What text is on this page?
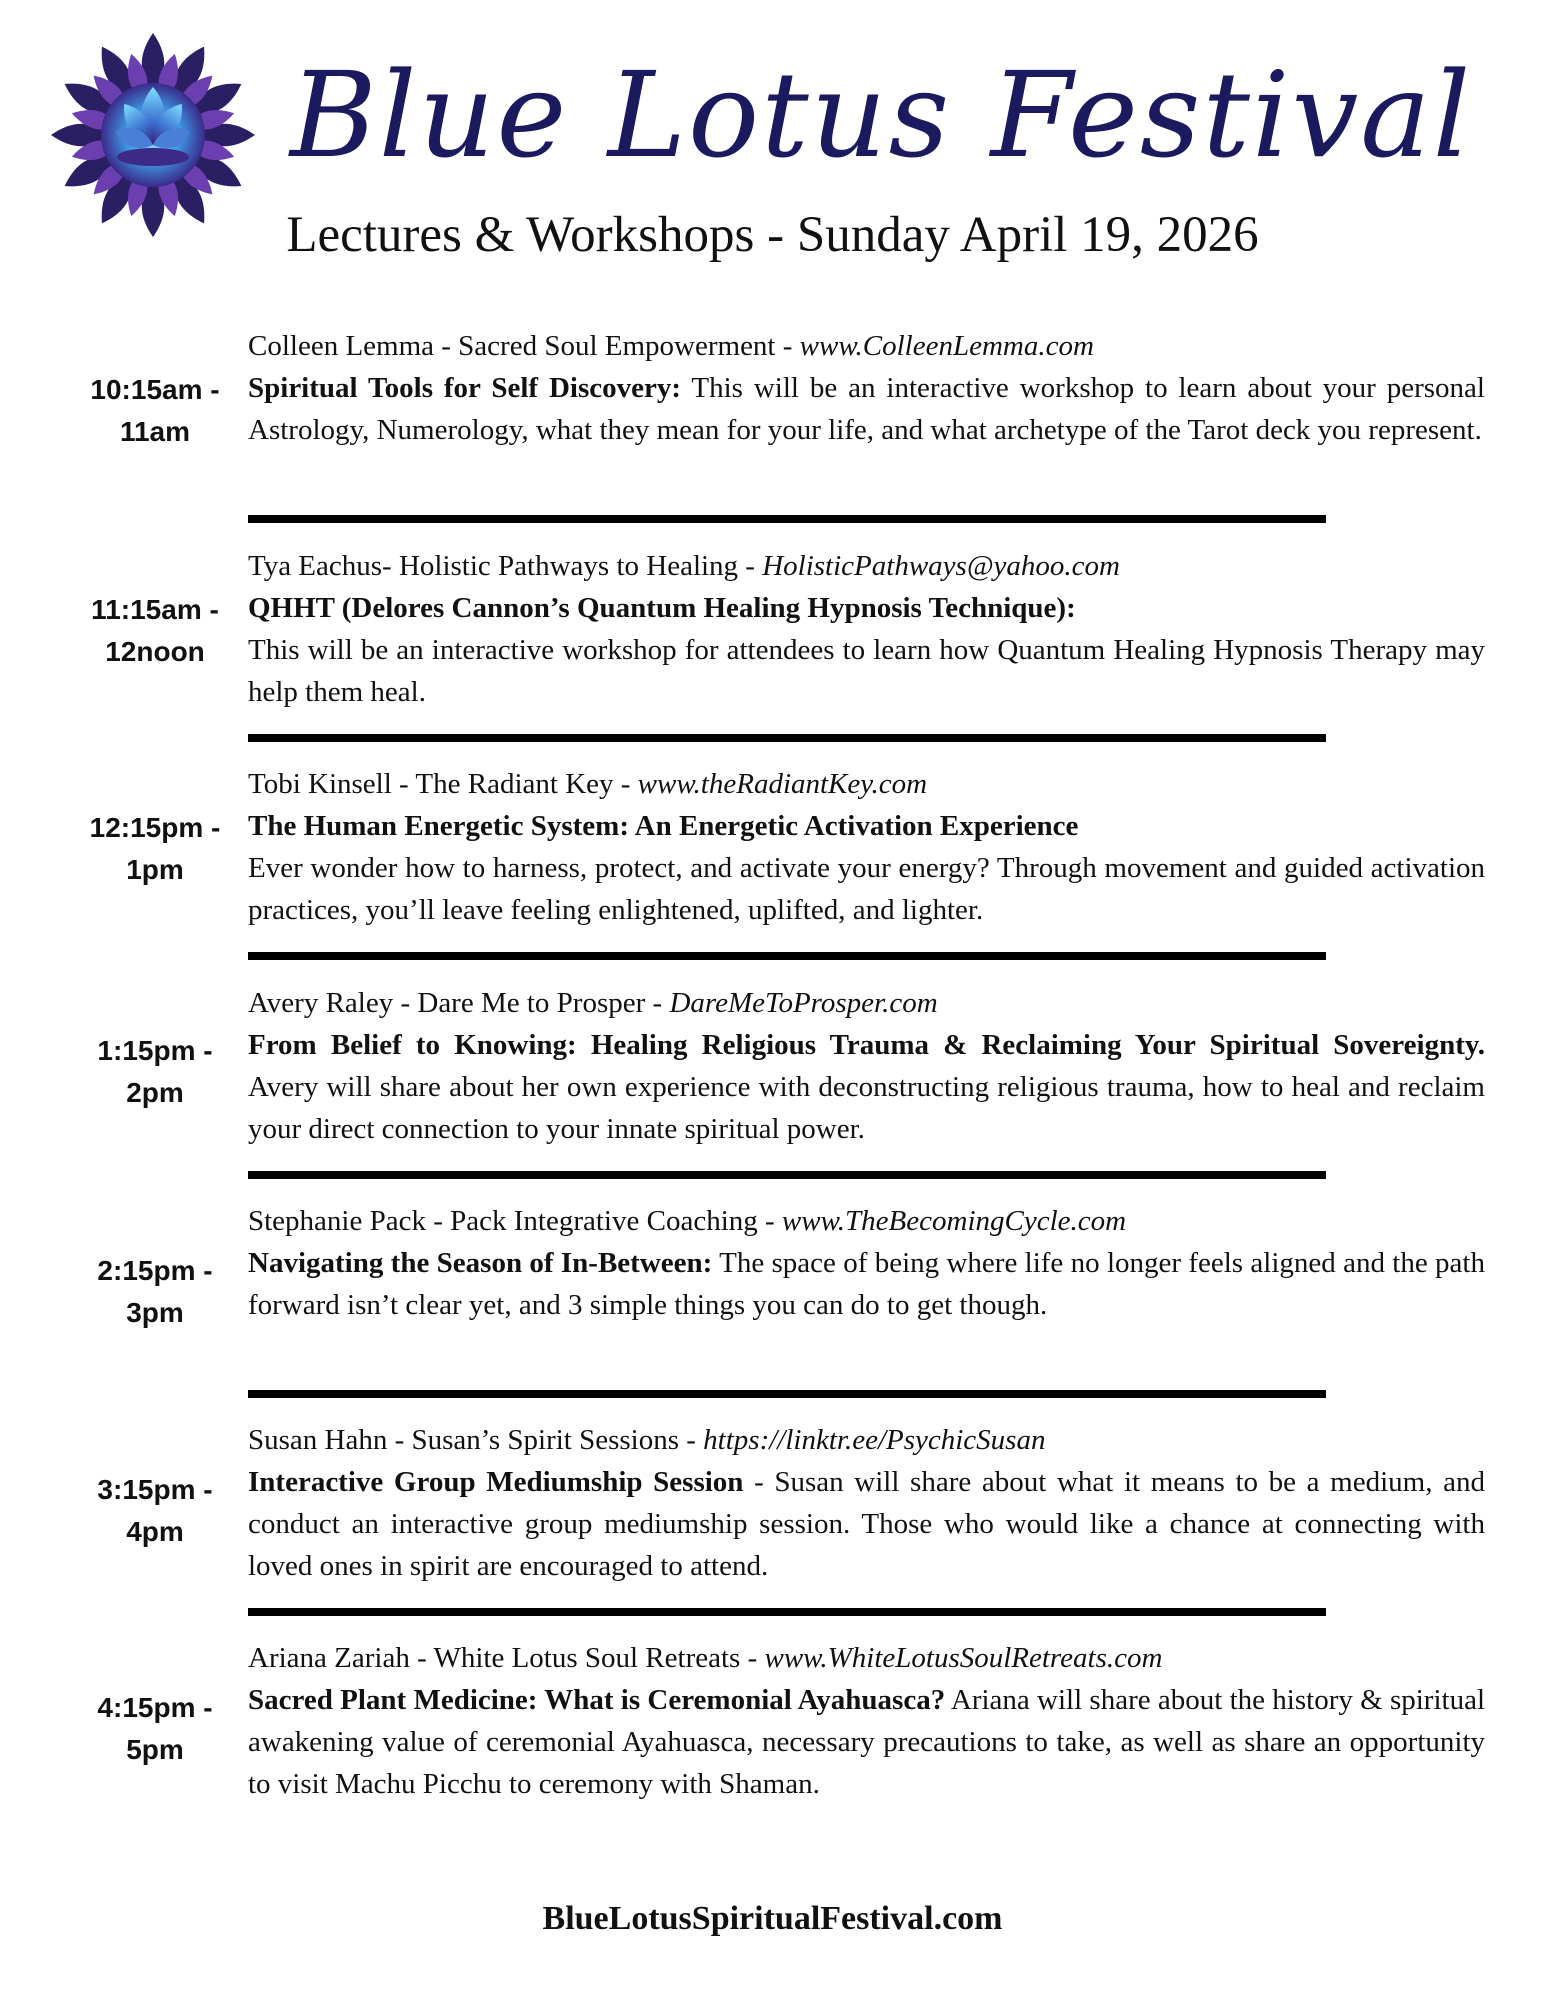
Blue Lotus Festival
Lectures & Workshops - Sunday April 19, 2026
10:15am -
11am
Colleen Lemma - Sacred Soul Empowerment - www.ColleenLemma.com
Spiritual Tools for Self Discovery: This will be an interactive workshop to learn about your personal Astrology, Numerology, what they mean for your life, and what archetype of the Tarot deck you represent.
11:15am -
12noon
Tya Eachus- Holistic Pathways to Healing - HolisticPathways@yahoo.com
QHHT (Delores Cannon’s Quantum Healing Hypnosis Technique):
This will be an interactive workshop for attendees to learn how Quantum Healing Hypnosis Therapy may help them heal.
12:15pm -
1pm
Tobi Kinsell - The Radiant Key - www.theRadiantKey.com
The Human Energetic System: An Energetic Activation Experience
Ever wonder how to harness, protect, and activate your energy? Through movement and guided activation practices, you’ll leave feeling enlightened, uplifted, and lighter.
1:15pm -
2pm
Avery Raley - Dare Me to Prosper - DareMeToProsper.com
From Belief to Knowing: Healing Religious Trauma & Reclaiming Your Spiritual Sovereignty. Avery will share about her own experience with deconstructing religious trauma, how to heal and reclaim your direct connection to your innate spiritual power.
2:15pm -
3pm
Stephanie Pack - Pack Integrative Coaching - www.TheBecomingCycle.com
Navigating the Season of In-Between: The space of being where life no longer feels aligned and the path forward isn’t clear yet, and 3 simple things you can do to get though.
3:15pm -
4pm
Susan Hahn - Susan’s Spirit Sessions - https://linktr.ee/PsychicSusan
Interactive Group Mediumship Session - Susan will share about what it means to be a medium, and conduct an interactive group mediumship session. Those who would like a chance at connecting with loved ones in spirit are encouraged to attend.
4:15pm -
5pm
Ariana Zariah - White Lotus Soul Retreats - www.WhiteLotusSoulRetreats.com
Sacred Plant Medicine: What is Ceremonial Ayahuasca? Ariana will share about the history & spiritual awakening value of ceremonial Ayahuasca, necessary precautions to take, as well as share an opportunity to visit Machu Picchu to ceremony with Shaman.
BlueLotusSpiritualFestival.com
